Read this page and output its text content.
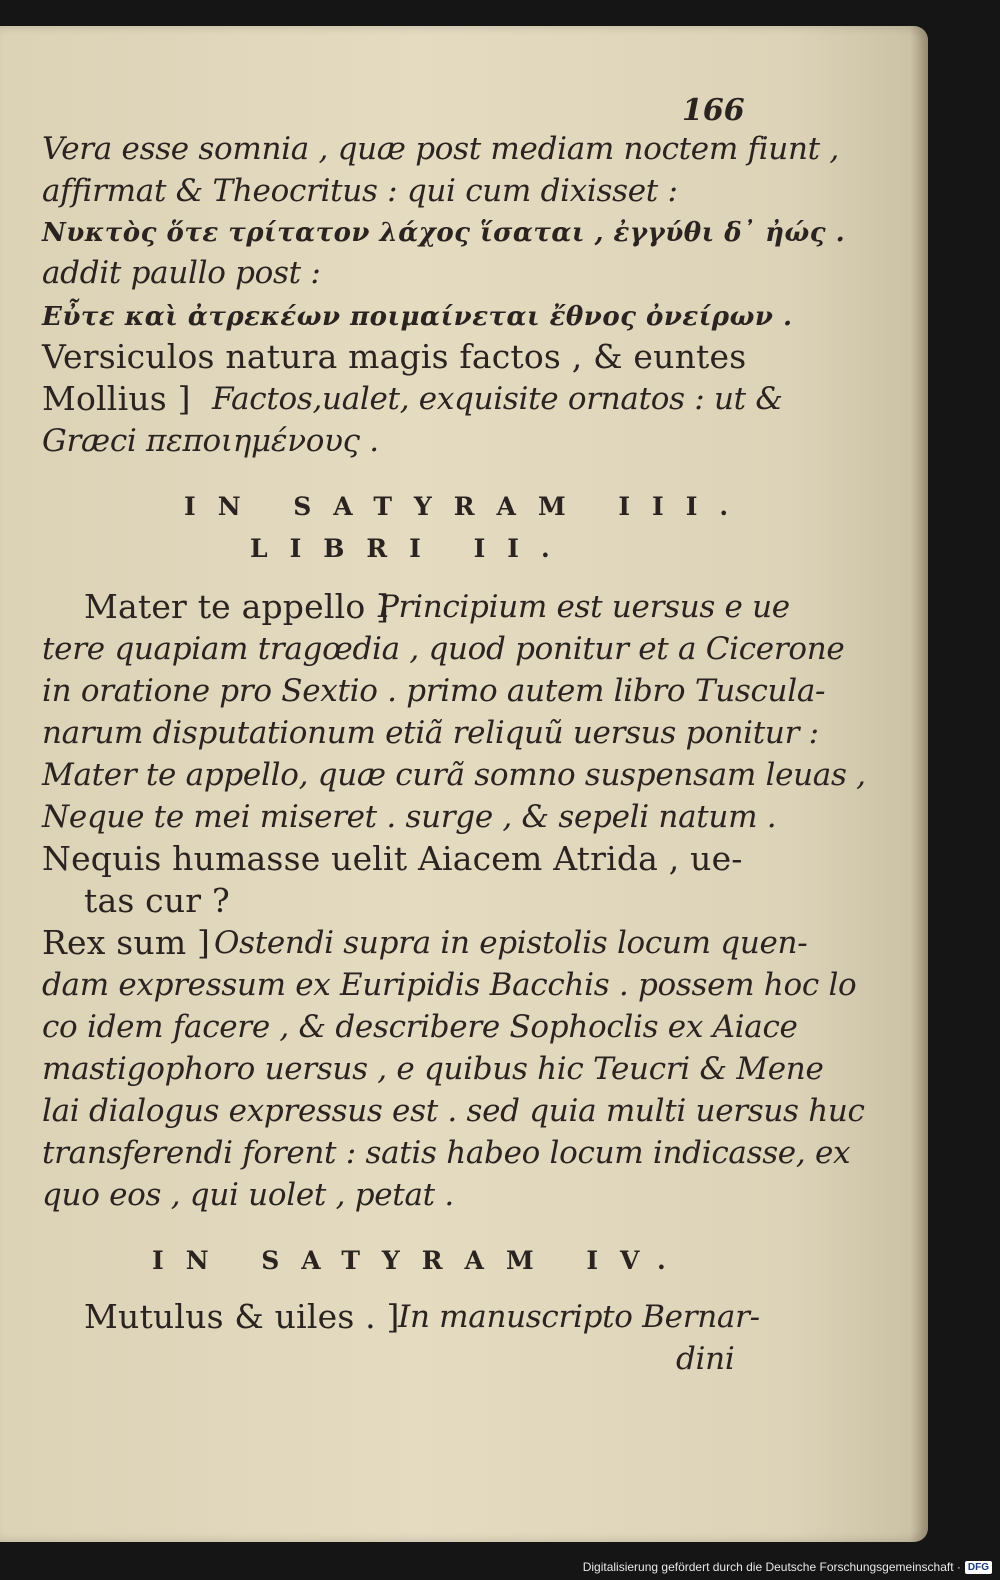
166
Vera esse somnia , quæ post mediam noctem fiunt ,
affirmat & Theocritus : qui cum dixisset :
Νυκτὸς ὅτε τρίτατον λάχος ἵσαται , ἐγγύθι δ᾽ ἠώς .
addit paullo post :
Εὖτε καὶ ἀτρεκέων ποιμαίνεται ἔθνος ὀνείρων .
Versiculos natura magis factos , & euntes
Mollius ] Factos,ualet, exquisite ornatos : ut &
Græci πεποιημένους .
IN SATYRAM III.
LIBRI II.
Mater te appello ]
Principium est uersus e ue
tere quapiam tragœdia , quod ponitur et a Cicerone
in oratione pro Sextio . primo autem libro Tuscula-
narum disputationum etiã reliquũ uersus ponitur :
Mater te appello, quæ curã somno suspensam leuas ,
Neque te mei miseret . surge , & sepeli natum .
Nequis humasse uelit Aiacem Atrida , ue-
tas cur ?
Rex sum ] Ostendi supra in epistolis locum quen-
dam expressum ex Euripidis Bacchis . possem hoc lo
co idem facere , & describere Sophoclis ex Aiace
mastigophoro uersus , e quibus hic Teucri & Mene
lai dialogus expressus est . sed quia multi uersus huc
transferendi forent : satis habeo locum indicasse, ex
quo eos , qui uolet , petat .
IN SATYRAM IV.
Mutulus & uiles . ]
In manuscripto Bernar-
dini
Digitalisierung gefördert durch die Deutsche Forschungsgemeinschaft · DFG
